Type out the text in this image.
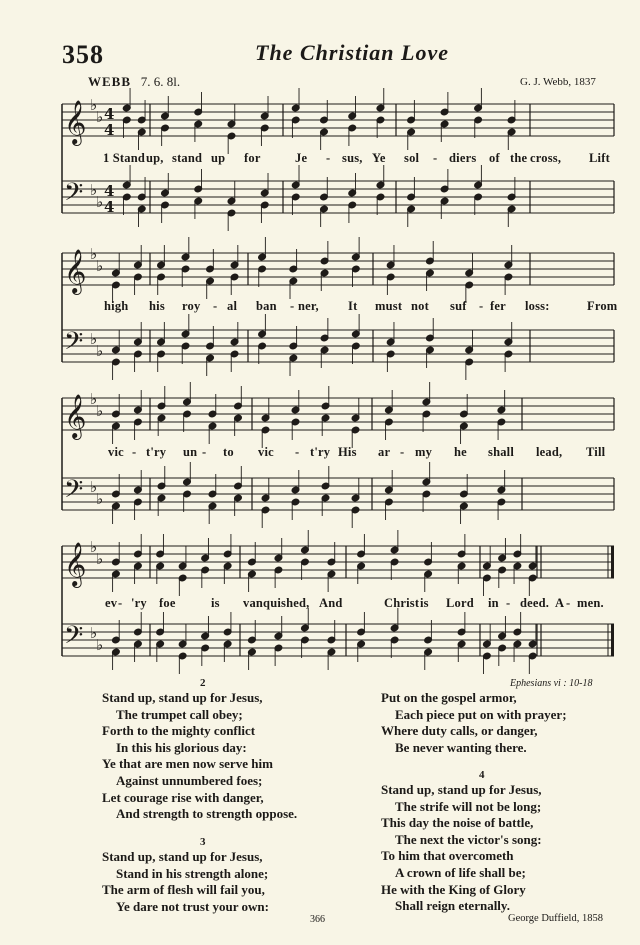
358	The Christian Love
WEBB 7. 6. 8l.	G. J. Webb, 1837
𝄞 ♭
♭ 4
4
𝄢 ♭
♭
4
4
𝄞 ♭
♭
𝄢 ♭
♭
𝄞 ♭
♭
𝄢 ♭
♭
𝄞 ♭
♭
𝄢 ♭
♭
1 Stand up, stand up for	Je - sus, Ye sol - diers of the cross, Lift
high his roy - al ban - ner, It must not suf - fer loss:	From
vic - t'ry un - to vic - t'ry His ar - my he shall lead, Till
ev - 'ry foe	is vanquished, And	Christ is Lord in - deed. A - men.
2	Ephesians vi : 10-18
Stand up, stand up for Jesus,
The trumpet call obey;
Forth to the mighty conflict
In this his glorious day:
Ye that are men now serve him
Against unnumbered foes;
Let courage rise with danger,
And strength to strength oppose.
3
Stand up, stand up for Jesus,
Stand in his strength alone;
The arm of flesh will fail you,
Ye dare not trust your own:
Put on the gospel armor,
Each piece put on with prayer;
Where duty calls, or danger,
Be never wanting there.
4
Stand up, stand up for Jesus,
The strife will not be long;
This day the noise of battle,
The next the victor's song:
To him that overcometh
A crown of life shall be;
He with the King of Glory
Shall reign eternally.
366	George Duffield, 1858
